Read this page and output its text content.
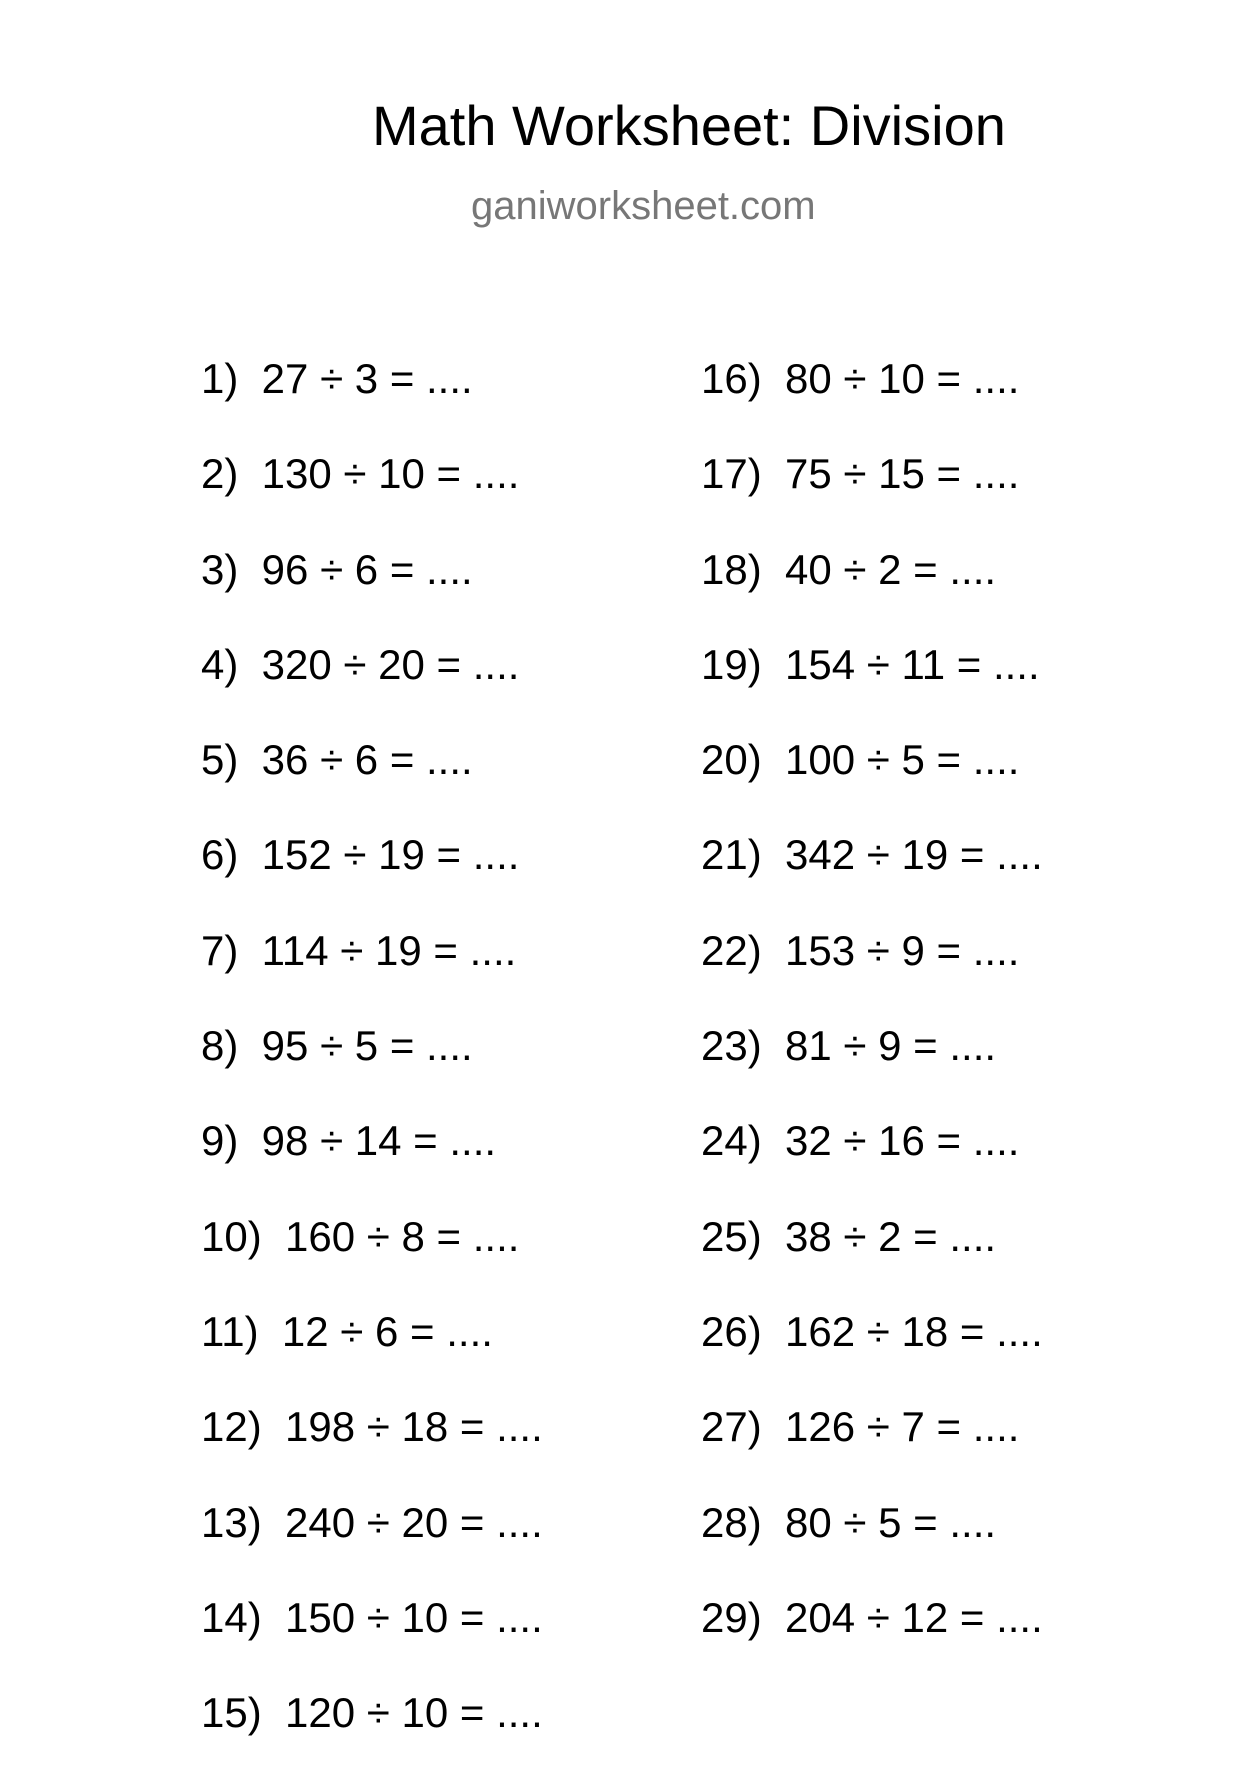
Math Worksheet: Division
ganiworksheet.com
1)  27 ÷ 3 = ....
2)  130 ÷ 10 = ....
3)  96 ÷ 6 = ....
4)  320 ÷ 20 = ....
5)  36 ÷ 6 = ....
6)  152 ÷ 19 = ....
7)  114 ÷ 19 = ....
8)  95 ÷ 5 = ....
9)  98 ÷ 14 = ....
10)  160 ÷ 8 = ....
11)  12 ÷ 6 = ....
12)  198 ÷ 18 = ....
13)  240 ÷ 20 = ....
14)  150 ÷ 10 = ....
15)  120 ÷ 10 = ....
16)  80 ÷ 10 = ....
17)  75 ÷ 15 = ....
18)  40 ÷ 2 = ....
19)  154 ÷ 11 = ....
20)  100 ÷ 5 = ....
21)  342 ÷ 19 = ....
22)  153 ÷ 9 = ....
23)  81 ÷ 9 = ....
24)  32 ÷ 16 = ....
25)  38 ÷ 2 = ....
26)  162 ÷ 18 = ....
27)  126 ÷ 7 = ....
28)  80 ÷ 5 = ....
29)  204 ÷ 12 = ....
